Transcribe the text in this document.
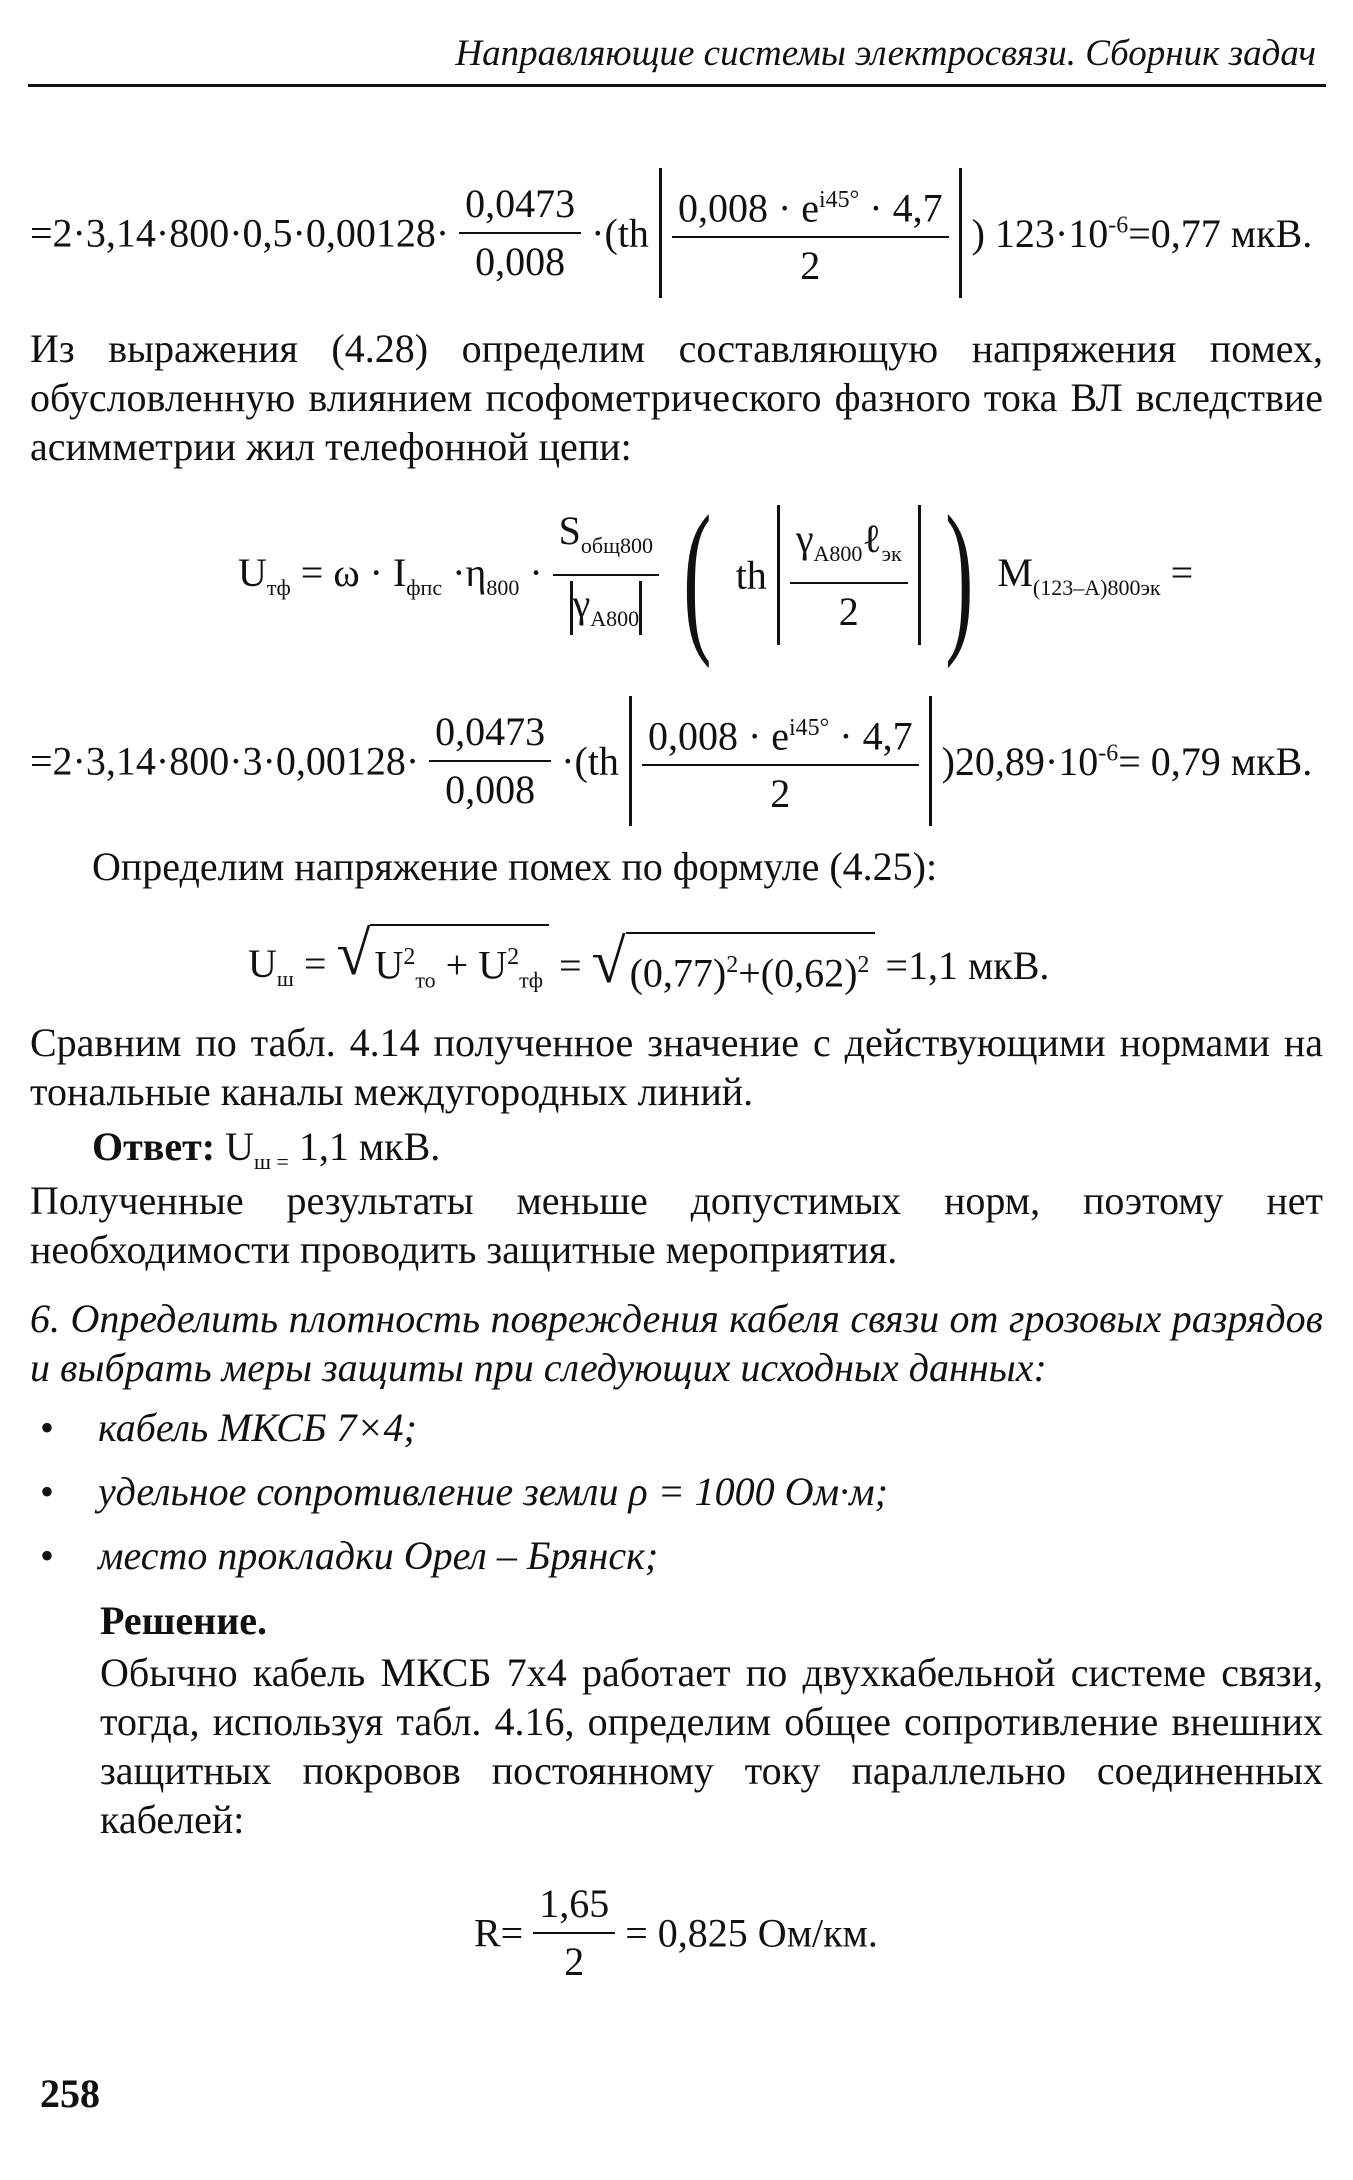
Направляющие системы электросвязи. Сборник задач
$=2\cdot 3,14\cdot 800\cdot 0,5\cdot 0,00128\cdot \frac{0,0473}{0,008} \cdot(th \frac{0,008 \cdot e^{i45^\circ} \cdot 4,7}{2}$ ) $123\cdot 10^{-6}=0,77$ мкВ.
Из выражения (4.28) определим составляющую напряжения помех, обусловленную влиянием псофометрического фазного тока ВЛ вследствие асимметрии жил телефонной цепи:
$U_{тф} = \omega \cdot I_{фпс} \cdot\eta_{800} \cdot \frac{S_{общ800}}{\gamma_{A800}}$ ( th $\frac{\gamma_{A800}\ell_{эк}}{2}$ ) $M_{(123-A)800эк}$ =
$=2\cdot 3,14\cdot 800\cdot 3\cdot 0,00128\cdot \frac{0,0473}{0,008} \cdot(th \frac{0,008 \cdot e^{i45^\circ} \cdot 4,7}{2} )20,89\cdot 10^{-6}= 0,79$ мкВ.
Определим напряжение помех по формуле (4.25):
$U_ш$ = √ $U^2_{то} + U^2_{тф}$ = √ $(0,77)^2+(0,62)^2 =1,1$ мкВ.
Сравним по табл. 4.14 полученное значение с действующими нормами на тональные каналы междугородных линий.
Ответ: $U_{ш =}$ 1,1 мкВ.
Полученные результаты меньше допустимых норм, поэтому нет необходимости проводить защитные мероприятия.
6. Определить плотность повреждения кабеля связи от грозовых разрядов и выбрать меры защиты при следующих исходных данных:
• кабель МКСБ 7×4;
• удельное сопротивление земли ρ = 1000 Ом·м;
• место прокладки Орел – Брянск;
Решение.
Обычно кабель МКСБ 7х4 работает по двухкабельной системе связи, тогда, используя табл. 4.16, определим общее сопротивление внешних защитных покровов постоянному току параллельно соединенных кабелей:
$R= \frac{1,65}{2} = 0,825$ Ом/км.
258
